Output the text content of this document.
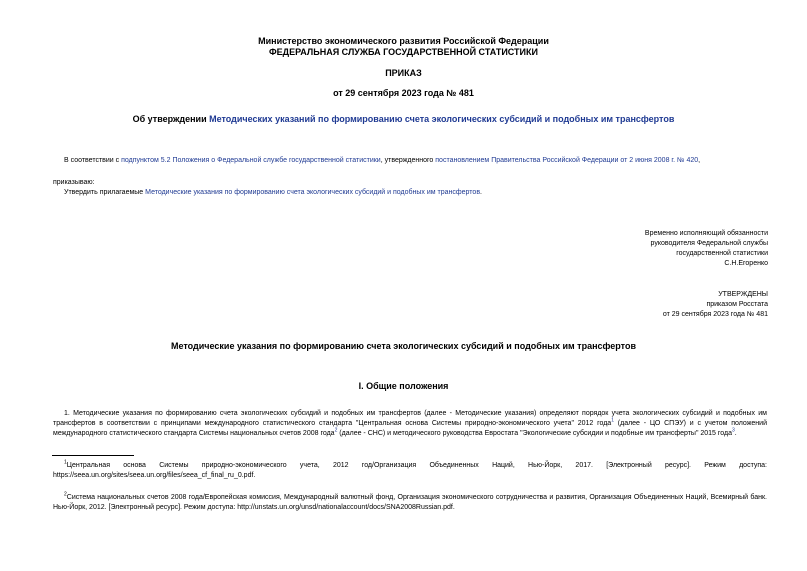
Министерство экономического развития Российской Федерации
ФЕДЕРАЛЬНАЯ СЛУЖБА ГОСУДАРСТВЕННОЙ СТАТИСТИКИ
ПРИКАЗ
от 29 сентября 2023 года № 481
Об утверждении Методических указаний по формированию счета экологических субсидий и подобных им трансфертов
В соответствии с подпунктом 5.2 Положения о Федеральной службе государственной статистики, утвержденного постановлением Правительства Российской Федерации от 2 июня 2008 г. № 420,
приказываю:
Утвердить прилагаемые Методические указания по формированию счета экологических субсидий и подобных им трансфертов.
Временно исполняющий обязанности
руководителя Федеральной службы
государственной статистики
С.Н.Егоренко
УТВЕРЖДЕНЫ
приказом Росстата
от 29 сентября 2023 года № 481
Методические указания по формированию счета экологических субсидий и подобных им трансфертов
I. Общие положения
1. Методические указания по формированию счета экологических субсидий и подобных им трансфертов (далее - Методические указания) определяют порядок учета экологических субсидий и подобных им трансфертов в соответствии с принципами международного статистического стандарта "Центральная основа Системы природно-экономического учета" 2012 года$^1$ (далее - ЦО СПЭУ) и с учетом положений международного статистического стандарта Системы национальных счетов 2008 года$^2$ (далее - СНС) и методического руководства Евростата "Экологические субсидии и подобные им трансферты" 2015 года$^3$.
$^1$Центральная основа Системы природно-экономического учета, 2012 год/Организация Объединенных Наций, Нью-Йорк, 2017. [Электронный ресурс]. Режим доступа: https://seea.un.org/sites/seea.un.org/files/seea_cf_final_ru_0.pdf.
$^2$Система национальных счетов 2008 года/Европейская комиссия, Международный валютный фонд, Организация экономического сотрудничества и развития, Организация Объединенных Наций, Всемирный банк. Нью-Йорк, 2012. [Электронный ресурс]. Режим доступа: http://unstats.un.org/unsd/nationalaccount/docs/SNA2008Russian.pdf.
